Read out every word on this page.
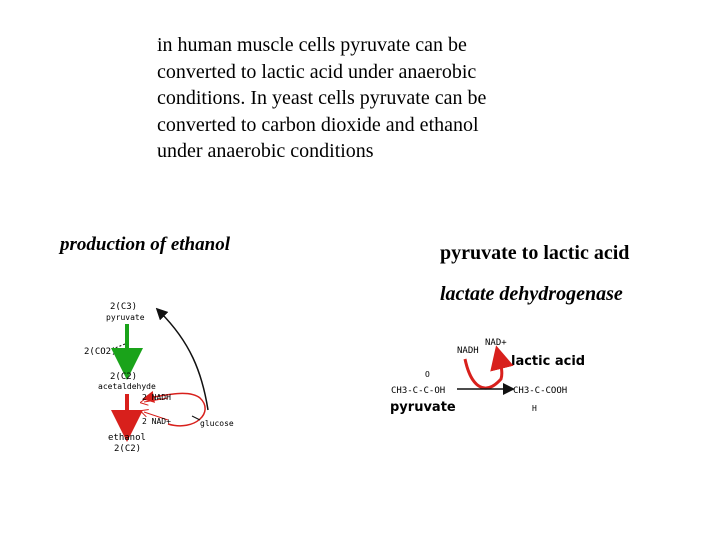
in human muscle cells pyruvate can be

converted to lactic acid under anaerobic

conditions. In yeast cells pyruvate can be

converted to carbon dioxide and ethanol

under anaerobic conditions

production of ethanol	pyruvate to lactic acid
lactate dehydrogenase
2(C3)
pyruvate
2(CO2)
2(C2)
acetaldehyde
2 NADH
2 NAD+	glucose
ethanol
2(C2)
NAD+
NADH
lactic acid
O
CH3-C-C-OH
pyruvate
CH3-C-COOH
H
